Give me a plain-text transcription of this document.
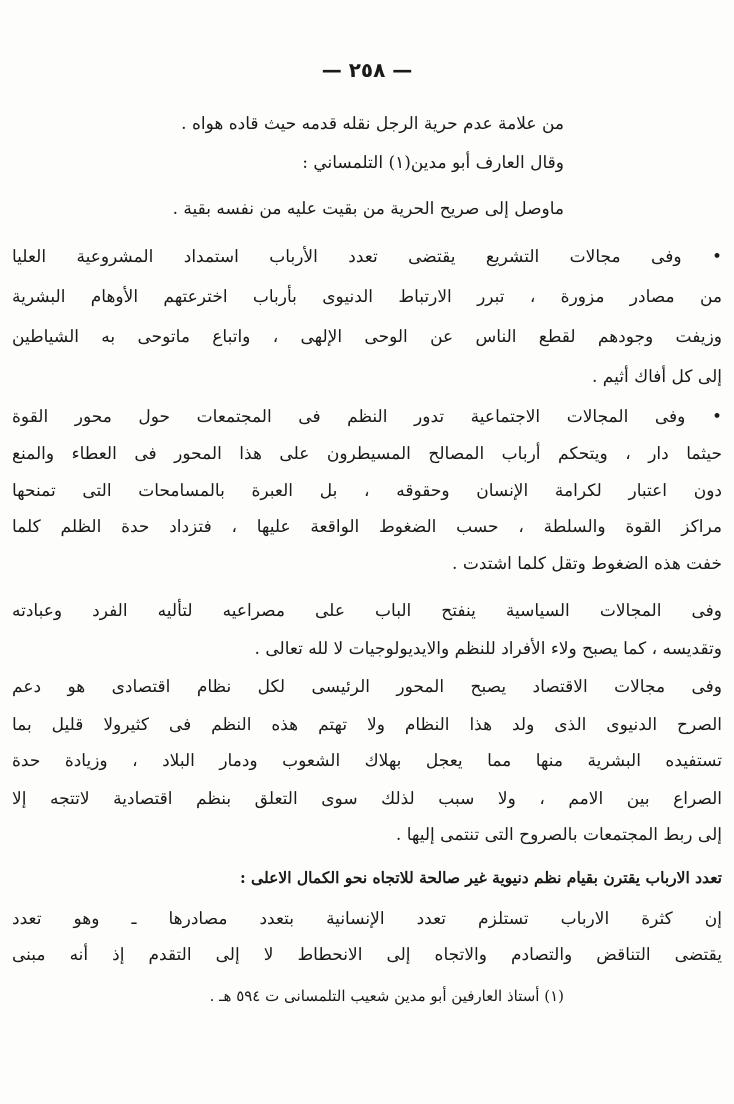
— ٢٥٨ —
من علامة عدم حرية الرجل نقله قدمه حيث قاده هواه .
وقال العارف أبو مدين(١) التلمساني :
ماوصل إلى صريح الحرية من بقيت عليه من نفسه بقية .
• وفى مجالات التشريع يقتضى تعدد الأرباب استمداد المشروعية العليا
من مصادر مزورة ، تبرر الارتباط الدنيوى بأرباب اخترعتهم الأوهام البشرية
وزيفت وجودهم لقطع الناس عن الوحى الإلهى ، واتباع ماتوحى به الشياطين
إلى كل أفاك أثيم .
• وفى المجالات الاجتماعية تدور النظم فى المجتمعات حول محور القوة
حيثما دار ، ويتحكم أرباب المصالح المسيطرون على هذا المحور فى العطاء والمنع
دون اعتبار لكرامة الإنسان وحقوقه ، بل العبرة بالمسامحات التى تمنحها
مراكز القوة والسلطة ، حسب الضغوط الواقعة عليها ، فتزداد حدة الظلم كلما
خفت هذه الضغوط وتقل كلما اشتدت .
وفى المجالات السياسية ينفتح الباب على مصراعيه لتأليه الفرد وعبادته
وتقديسه ، كما يصبح ولاء الأفراد للنظم والايديولوجيات لا لله تعالى .
وفى مجالات الاقتصاد يصبح المحور الرئيسى لكل نظام اقتصادى هو دعم
الصرح الدنيوى الذى ولد هذا النظام ولا تهتم هذه النظم فى كثيرولا قليل بما
تستفيده البشرية منها مما يعجل بهلاك الشعوب ودمار البلاد ، وزيادة حدة
الصراع بين الامم ، ولا سبب لذلك سوى التعلق بنظم اقتصادية لاتتجه إلا
إلى ربط المجتمعات بالصروح التى تنتمى إليها .
تعدد الارباب يقترن بقيام نظم دنيوية غير صالحة للاتجاه نحو الكمال الاعلى :
إن كثرة الارباب تستلزم تعدد الإنسانية بتعدد مصادرها ـ وهو تعدد
يقتضى التناقض والتصادم والاتجاه إلى الانحطاط لا إلى التقدم إذ أنه مبنى
(١) أستاذ العارفين أبو مدين شعيب التلمسانى ت ٥٩٤ هـ .
